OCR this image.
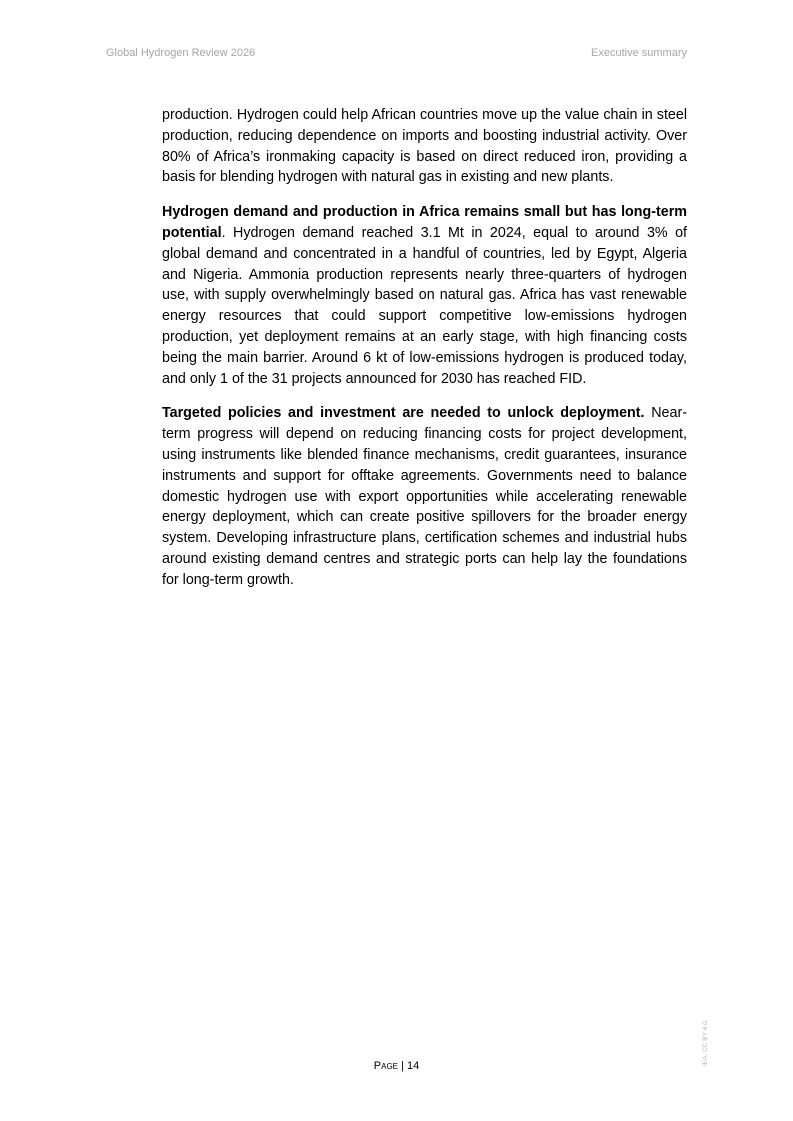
Global Hydrogen Review 2026	Executive summary

production. Hydrogen could help African countries move up the value chain in steel production, reducing dependence on imports and boosting industrial activity. Over 80% of Africa’s ironmaking capacity is based on direct reduced iron, providing a basis for blending hydrogen with natural gas in existing and new plants.

Hydrogen demand and production in Africa remains small but has long-term potential. Hydrogen demand reached 3.1 Mt in 2024, equal to around 3% of global demand and concentrated in a handful of countries, led by Egypt, Algeria and Nigeria. Ammonia production represents nearly three-quarters of hydrogen use, with supply overwhelmingly based on natural gas. Africa has vast renewable energy resources that could support competitive low-emissions hydrogen production, yet deployment remains at an early stage, with high financing costs being the main barrier. Around 6 kt of low-emissions hydrogen is produced today, and only 1 of the 31 projects announced for 2030 has reached FID.

Targeted policies and investment are needed to unlock deployment. Near-term progress will depend on reducing financing costs for project development, using instruments like blended finance mechanisms, credit guarantees, insurance instruments and support for offtake agreements. Governments need to balance domestic hydrogen use with export opportunities while accelerating renewable energy deployment, which can create positive spillovers for the broader energy system. Developing infrastructure plans, certification schemes and industrial hubs around existing demand centres and strategic ports can help lay the foundations for long-term growth.

Page | 14	IEA. CC BY 4.0.
